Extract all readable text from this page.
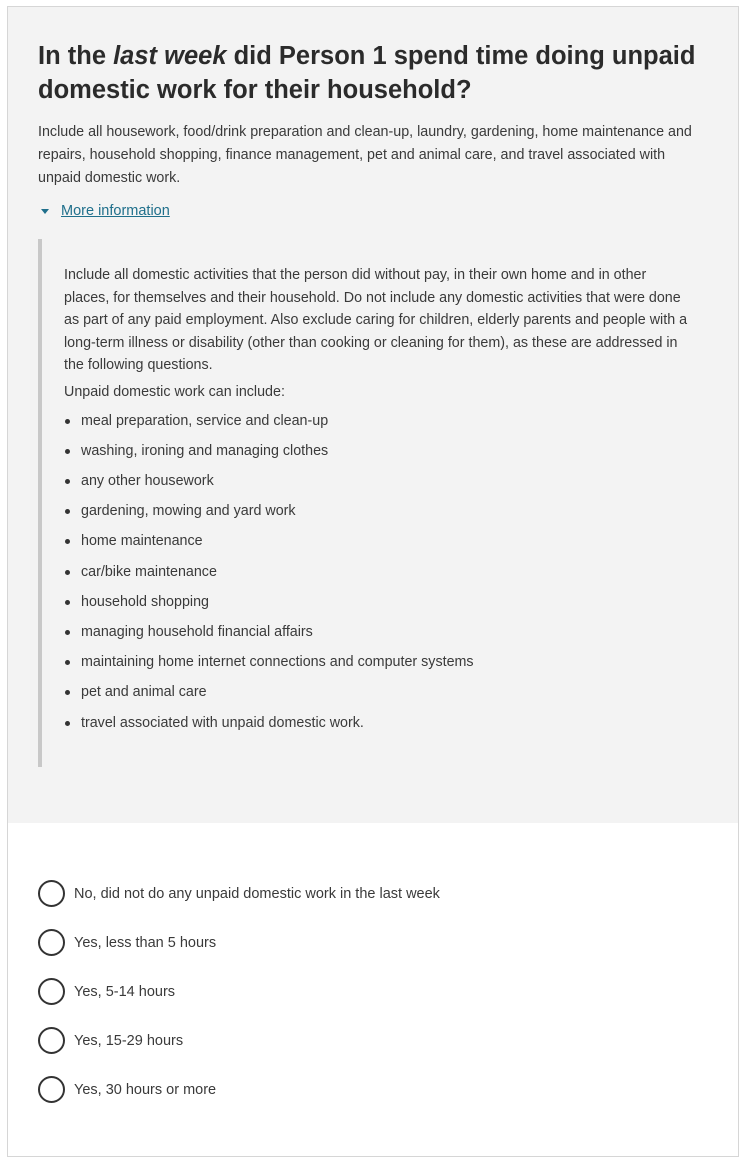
In the last week did Person 1 spend time doing unpaid domestic work for their household?

Include all housework, food/drink preparation and clean-up, laundry, gardening, home maintenance and repairs, household shopping, finance management, pet and animal care, and travel associated with unpaid domestic work.

More information

Include all domestic activities that the person did without pay, in their own home and in other places, for themselves and their household. Do not include any domestic activities that were done as part of any paid employment. Also exclude caring for children, elderly parents and people with a long-term illness or disability (other than cooking or cleaning for them), as these are addressed in the following questions.

Unpaid domestic work can include:

meal preparation, service and clean-up
washing, ironing and managing clothes
any other housework
gardening, mowing and yard work
home maintenance
car/bike maintenance
household shopping
managing household financial affairs
maintaining home internet connections and computer systems
pet and animal care
travel associated with unpaid domestic work.
No, did not do any unpaid domestic work in the last week
Yes, less than 5 hours
Yes, 5-14 hours
Yes, 15-29 hours
Yes, 30 hours or more
